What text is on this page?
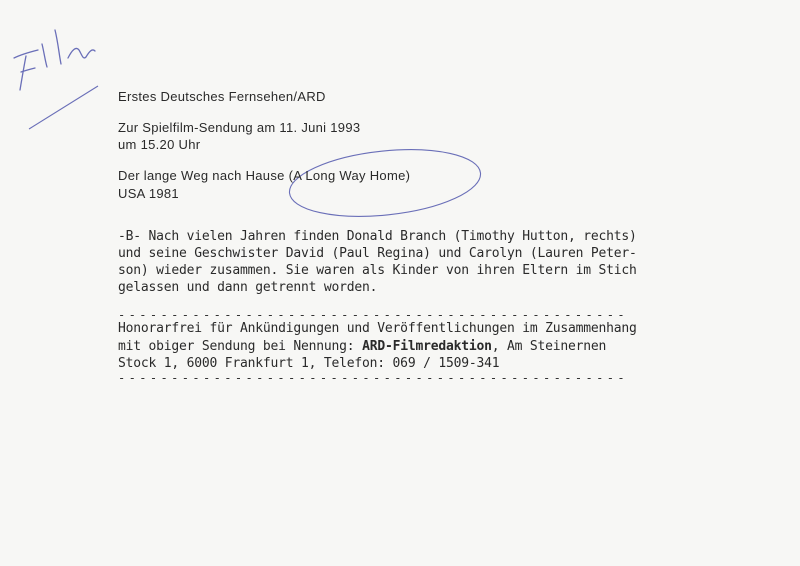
Erstes Deutsches Fernsehen/ARD
Zur Spielfilm-Sendung am 11. Juni 1993
um 15.20 Uhr
Der lange Weg nach Hause (A Long Way Home)
USA 1981
-B- Nach vielen Jahren finden Donald Branch (Timothy Hutton, rechts)
und seine Geschwister David (Paul Regina) und Carolyn (Lauren Peter-
son) wieder zusammen. Sie waren als Kinder von ihren Eltern im Stich
gelassen und dann getrennt worden.
------------------------------------------------
Honorarfrei für Ankündigungen und Veröffentlichungen im Zusammenhang
mit obiger Sendung bei Nennung: ARD-Filmredaktion, Am Steinernen
Stock 1, 6000 Frankfurt 1, Telefon: 069 / 1509-341
------------------------------------------------
